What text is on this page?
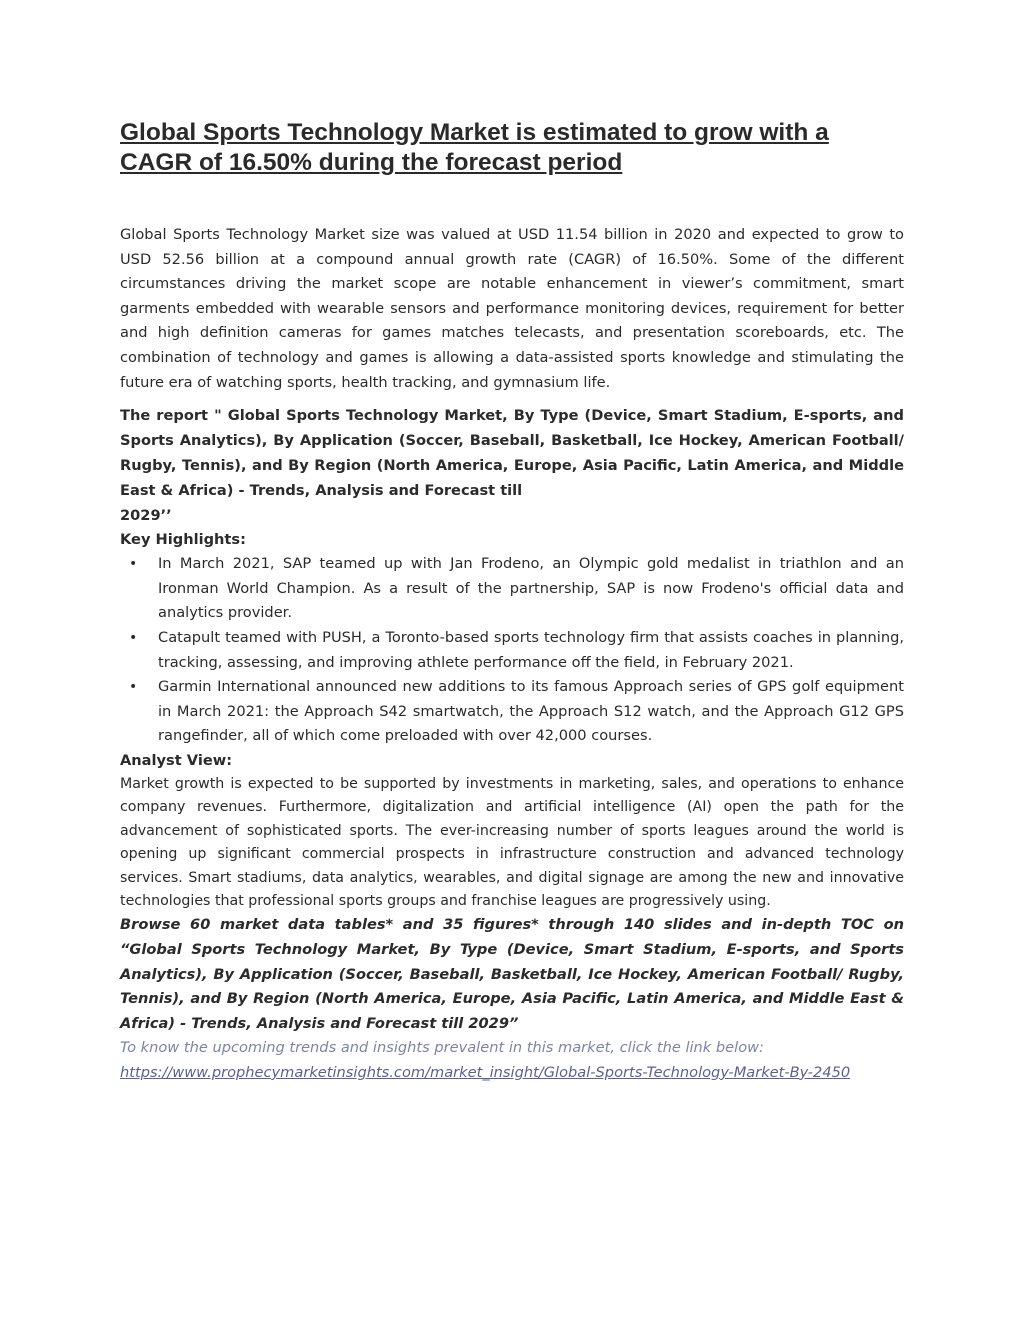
Global Sports Technology Market is estimated to grow with a CAGR of 16.50% during the forecast period

Global Sports Technology Market size was valued at USD 11.54 billion in 2020 and expected to grow to USD 52.56 billion at a compound annual growth rate (CAGR) of 16.50%. Some of the different circumstances driving the market scope are notable enhancement in viewer’s commitment, smart garments embedded with wearable sensors and performance monitoring devices, requirement for better and high definition cameras for games matches telecasts, and presentation scoreboards, etc. The combination of technology and games is allowing a data-assisted sports knowledge and stimulating the future era of watching sports, health tracking, and gymnasium life.

The report " Global Sports Technology Market, By Type (Device, Smart Stadium, E-sports, and Sports Analytics), By Application (Soccer, Baseball, Basketball, Ice Hockey, American Football/ Rugby, Tennis), and By Region (North America, Europe, Asia Pacific, Latin America, and Middle East & Africa) - Trends, Analysis and Forecast till

2029’’

Key Highlights:
• In March 2021, SAP teamed up with Jan Frodeno, an Olympic gold medalist in triathlon and an Ironman World Champion. As a result of the partnership, SAP is now Frodeno's official data and analytics provider.
• Catapult teamed with PUSH, a Toronto-based sports technology firm that assists coaches in planning, tracking, assessing, and improving athlete performance off the field, in February 2021.
• Garmin International announced new additions to its famous Approach series of GPS golf equipment in March 2021: the Approach S42 smartwatch, the Approach S12 watch, and the Approach G12 GPS rangefinder, all of which come preloaded with over 42,000 courses.
Analyst View:

Market growth is expected to be supported by investments in marketing, sales, and operations to enhance company revenues. Furthermore, digitalization and artificial intelligence (AI) open the path for the advancement of sophisticated sports. The ever-increasing number of sports leagues around the world is opening up significant commercial prospects in infrastructure construction and advanced technology services. Smart stadiums, data analytics, wearables, and digital signage are among the new and innovative technologies that professional sports groups and franchise leagues are progressively using.

Browse 60 market data tables* and 35 figures* through 140 slides and in-depth TOC on “Global Sports Technology Market, By Type (Device, Smart Stadium, E-sports, and Sports Analytics), By Application (Soccer, Baseball, Basketball, Ice Hockey, American Football/ Rugby, Tennis), and By Region (North America, Europe, Asia Pacific, Latin America, and Middle East & Africa) - Trends, Analysis and Forecast till 2029”

To know the upcoming trends and insights prevalent in this market, click the link below:

https://www.prophecymarketinsights.com/market_insight/Global-Sports-Technology-Market-By-2450
